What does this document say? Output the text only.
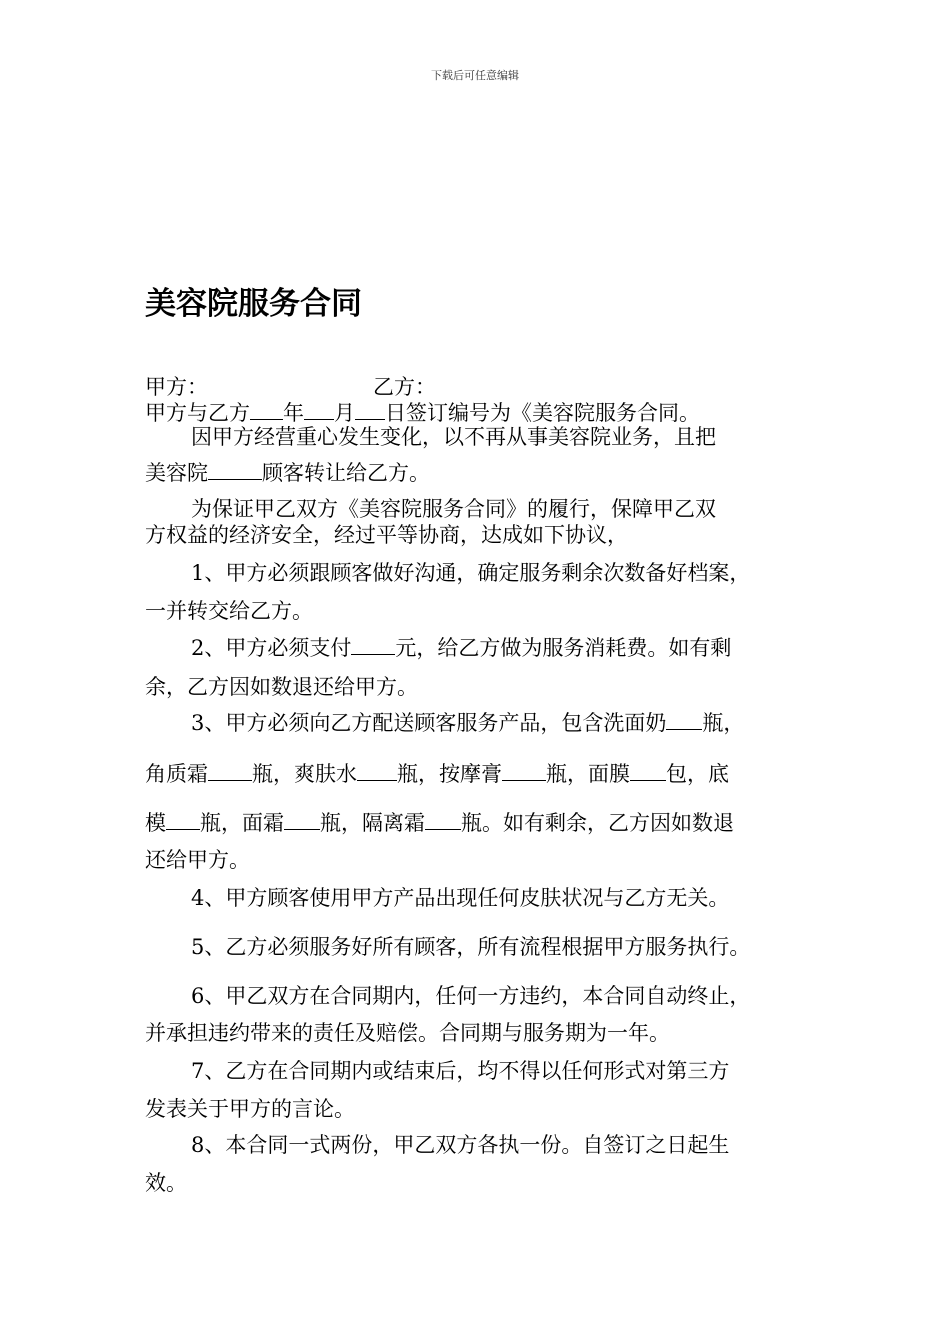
下载后可任意编辑
美容院服务合同
甲方：	乙方：
甲方与乙方 年 月 日签订编号为《美容院服务合同。
因甲方经营重心发生变化，以不再从事美容院业务，且把
美容院	顾客转让给乙方。
为保证甲乙双方《美容院服务合同》的履行，保障甲乙双
方权益的经济安全，经过平等协商，达成如下协议，
1、甲方必须跟顾客做好沟通，确定服务剩余次数备好档案，
一并转交给乙方。
2、甲方必须支付 元，给乙方做为服务消耗费。如有剩
余，乙方因如数退还给甲方。
3、甲方必须向乙方配送顾客服务产品，包含洗面奶 瓶，
角质霜 瓶，爽肤水 瓶，按摩膏 瓶，面膜 包，底
模 瓶，面霜 瓶，隔离霜 瓶。如有剩余，乙方因如数退
还给甲方。
4、甲方顾客使用甲方产品出现任何皮肤状况与乙方无关。
5、乙方必须服务好所有顾客，所有流程根据甲方服务执行。
6、甲乙双方在合同期内，任何一方违约，本合同自动终止，
并承担违约带来的责任及赔偿。合同期与服务期为一年。
7、乙方在合同期内或结束后，均不得以任何形式对第三方
发表关于甲方的言论。
8、本合同一式两份，甲乙双方各执一份。自签订之日起生
效。
